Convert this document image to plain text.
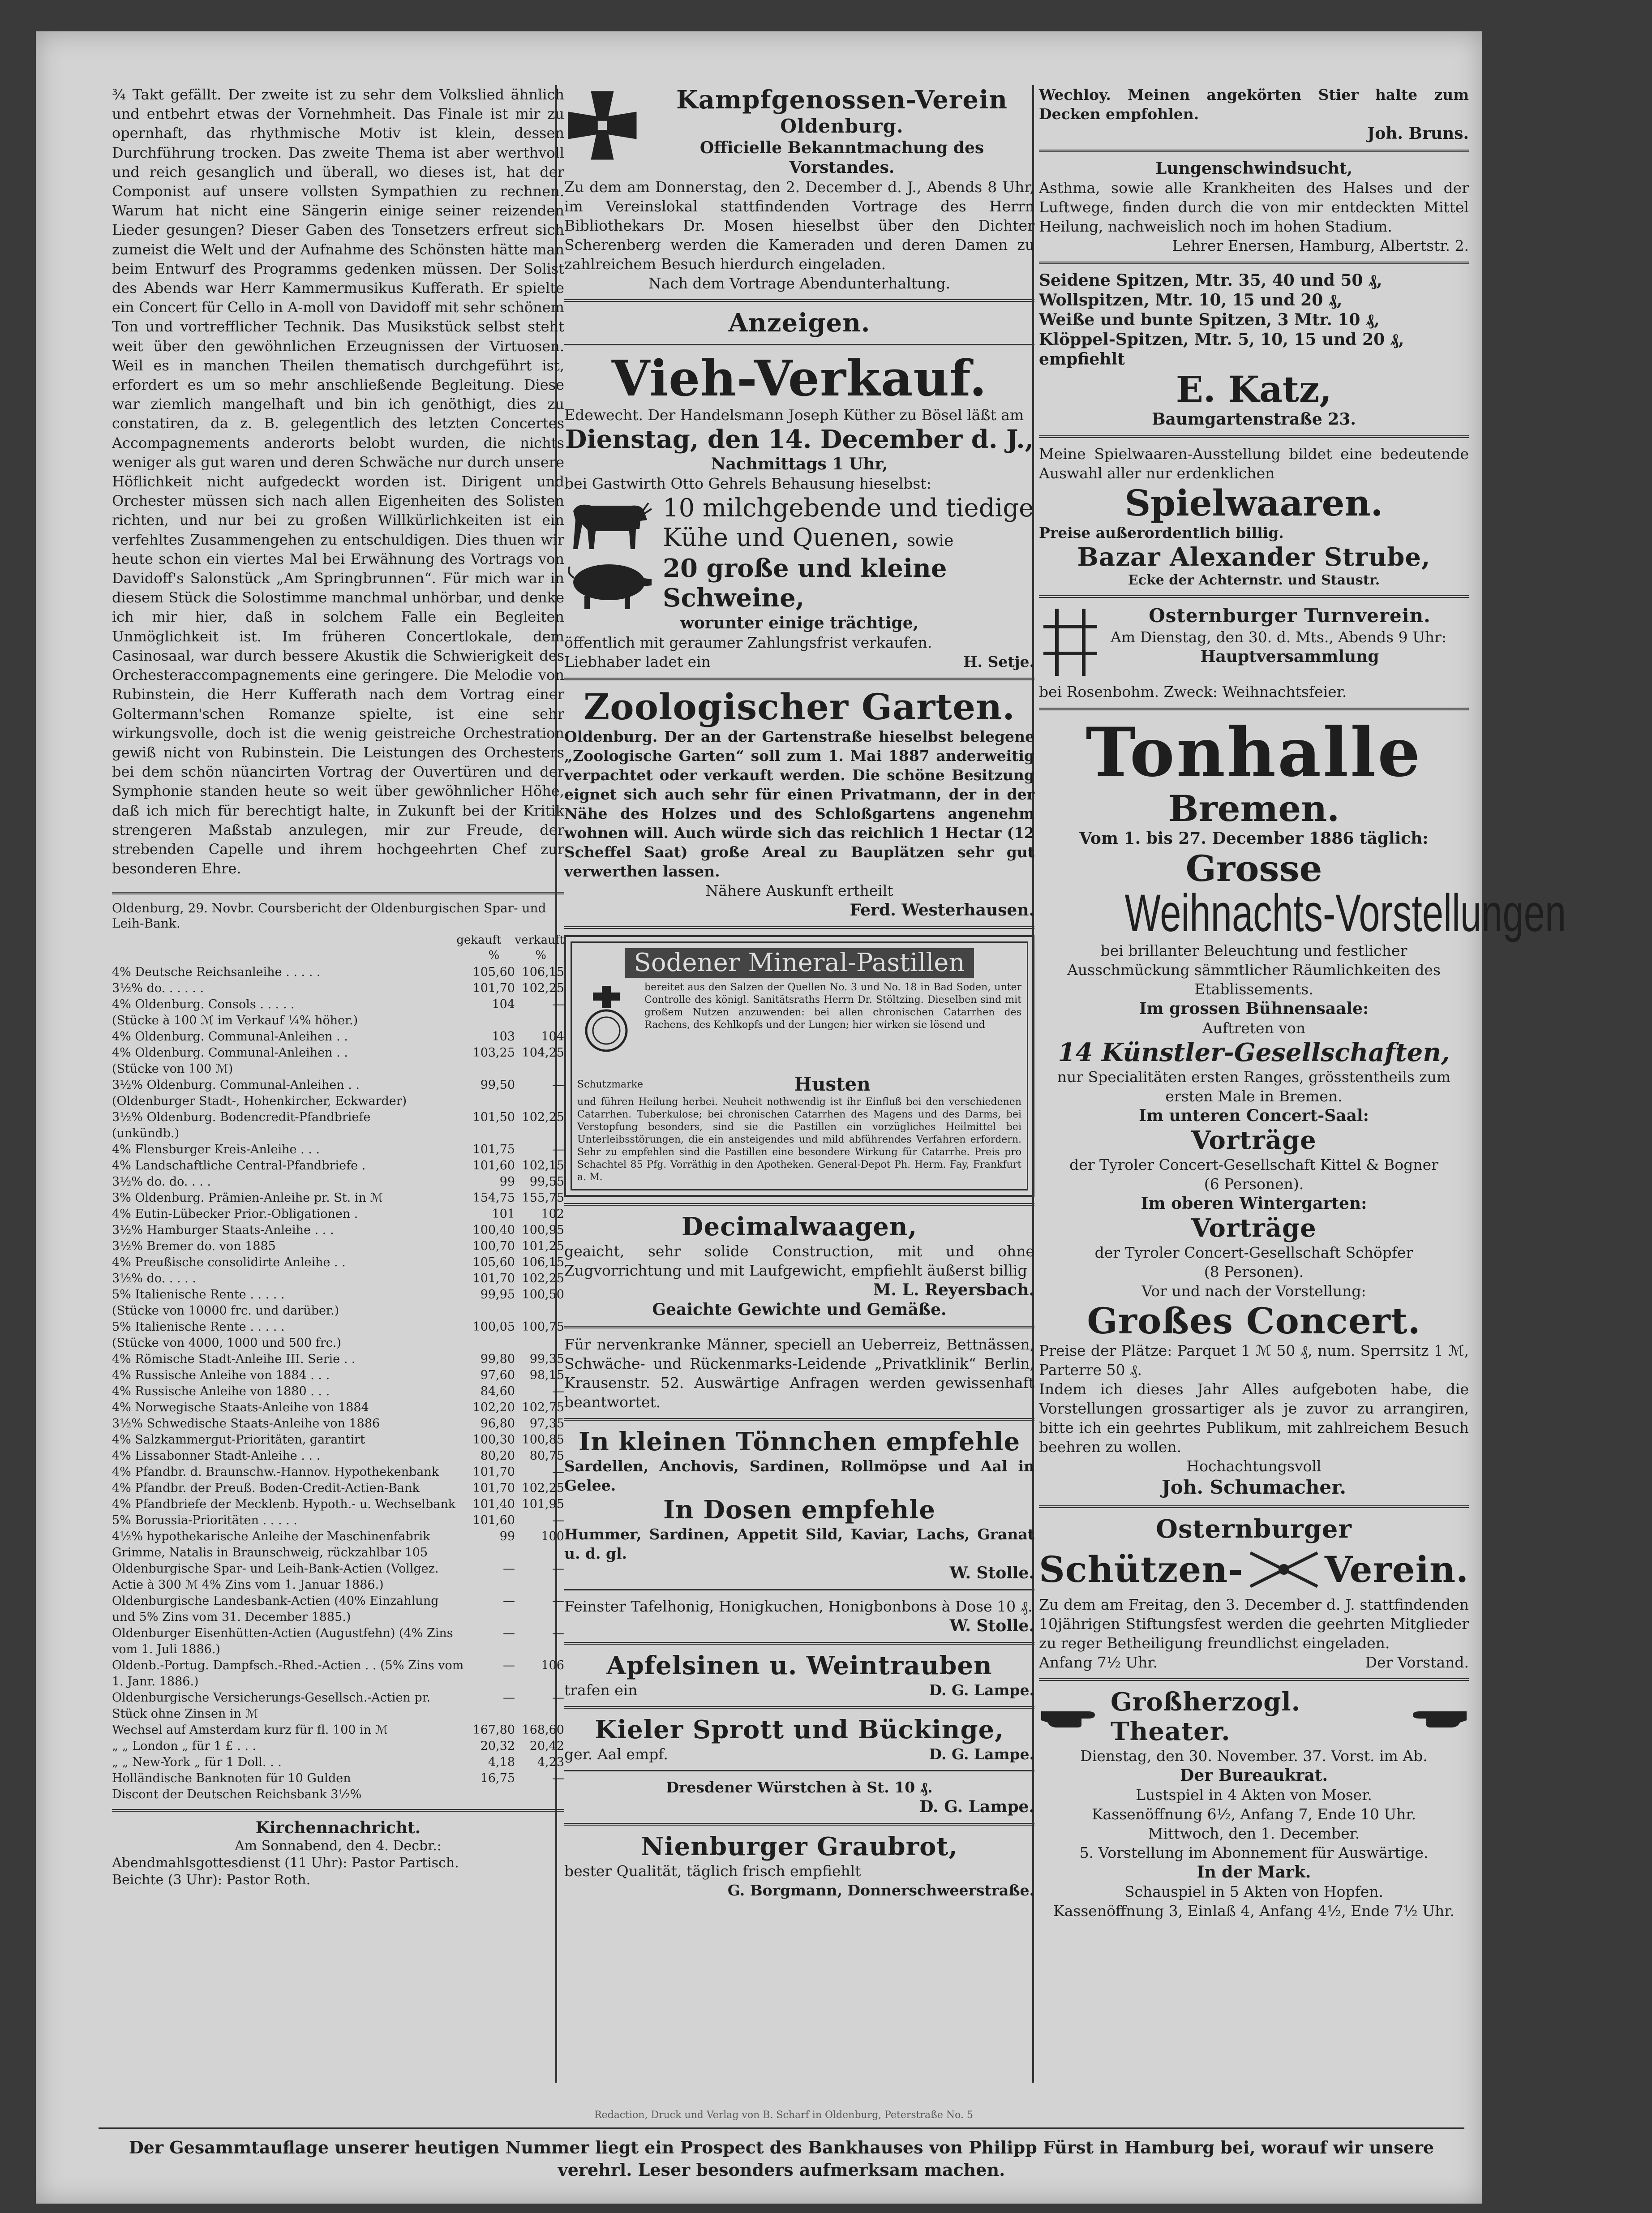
¾ Takt gefällt. Der zweite ist zu sehr dem Volkslied ähnlich und entbehrt etwas der Vornehmheit. Das Finale ist mir zu opernhaft, das rhythmische Motiv ist klein, dessen Durchführung trocken. Das zweite Thema ist aber werthvoll und reich gesanglich und überall, wo dieses ist, hat der Componist auf unsere vollsten Sympathien zu rechnen. Warum hat nicht eine Sängerin einige seiner reizenden Lieder gesungen? Dieser Gaben des Tonsetzers erfreut sich zumeist die Welt und der Aufnahme des Schönsten hätte man beim Entwurf des Programms gedenken müssen. Der Solist des Abends war Herr Kammermusikus Kufferath. Er spielte ein Concert für Cello in A-moll von Davidoff mit sehr schönem Ton und vortrefflicher Technik. Das Musikstück selbst steht weit über den gewöhnlichen Erzeugnissen der Virtuosen. Weil es in manchen Theilen thematisch durchgeführt ist, erfordert es um so mehr anschließende Begleitung. Diese war ziemlich mangelhaft und bin ich genöthigt, dies zu constatiren, da z. B. gelegentlich des letzten Concertes Accompagnements anderorts belobt wurden, die nichts weniger als gut waren und deren Schwäche nur durch unsere Höflichkeit nicht aufgedeckt worden ist. Dirigent und Orchester müssen sich nach allen Eigenheiten des Solisten richten, und nur bei zu großen Willkürlichkeiten ist ein verfehltes Zusammengehen zu entschuldigen. Dies thuen wir heute schon ein viertes Mal bei Erwähnung des Vortrags von Davidoff's Salonstück „Am Springbrunnen“. Für mich war in diesem Stück die Solostimme manchmal unhörbar, und denke ich mir hier, daß in solchem Falle ein Begleiten Unmöglichkeit ist. Im früheren Concertlokale, dem Casinosaal, war durch bessere Akustik die Schwierigkeit des Orchesteraccompagnements eine geringere. Die Melodie von Rubinstein, die Herr Kufferath nach dem Vortrag einer Goltermann'schen Romanze spielte, ist eine sehr wirkungsvolle, doch ist die wenig geistreiche Orchestration gewiß nicht von Rubinstein. Die Leistungen des Orchesters bei dem schön nüancirten Vortrag der Ouvertüren und der Symphonie standen heute so weit über gewöhnlicher Höhe, daß ich mich für berechtigt halte, in Zukunft bei der Kritik strengeren Maßstab anzulegen, mir zur Freude, der strebenden Capelle und ihrem hochgeehrten Chef zur besonderen Ehre.

Oldenburg, 29. Novbr. Coursbericht der Oldenburgischen Spar- und Leih-Bank.
gekauft verkauft
%	%
4% Deutsche Reichsanleihe . . . . .	105,60	106,15
3½% do. . . . . .	101,70	102,25
4% Oldenburg. Consols . . . . .	104	—
(Stücke à 100 ℳ im Verkauf ¼% höher.)		
4% Oldenburg. Communal-Anleihen . .	103	104
4% Oldenburg. Communal-Anleihen . .	103,25	104,25
(Stücke von 100 ℳ)		
3½% Oldenburg. Communal-Anleihen . .	99,50	—
(Oldenburger Stadt-, Hohenkircher, Eckwarder)		
3½% Oldenburg. Bodencredit-Pfandbriefe	101,50	102,25
(unkündb.)		
4% Flensburger Kreis-Anleihe . . .	101,75	—
4% Landschaftliche Central-Pfandbriefe .	101,60	102,15
3½% do. do. . . .	99	99,55
3% Oldenburg. Prämien-Anleihe pr. St. in ℳ	154,75	155,75
4% Eutin-Lübecker Prior.-Obligationen .	101	102
3½% Hamburger Staats-Anleihe . . .	100,40	100,95
3½% Bremer do. von 1885	100,70	101,25
4% Preußische consolidirte Anleihe . .	105,60	106,15
3½% do. . . . .	101,70	102,25
5% Italienische Rente . . . . .	99,95	100,50
(Stücke von 10000 frc. und darüber.)		
5% Italienische Rente . . . . .	100,05	100,75
(Stücke von 4000, 1000 und 500 frc.)		
4% Römische Stadt-Anleihe III. Serie . .	99,80	99,35
4% Russische Anleihe von 1884 . . .	97,60	98,15
4% Russische Anleihe von 1880 . . .	84,60	—
4% Norwegische Staats-Anleihe von 1884	102,20	102,75
3½% Schwedische Staats-Anleihe von 1886	96,80	97,35
4% Salzkammergut-Prioritäten, garantirt	100,30	100,85
4% Lissabonner Stadt-Anleihe . . .	80,20	80,75
4% Pfandbr. d. Braunschw.-Hannov. Hypothekenbank	101,70	—
4% Pfandbr. der Preuß. Boden-Credit-Actien-Bank	101,70	102,25
4% Pfandbriefe der Mecklenb. Hypoth.- u. Wechselbank	101,40	101,95
5% Borussia-Prioritäten . . . . .	101,60	—
4½% hypothekarische Anleihe der Maschinenfabrik Grimme, Natalis in Braunschweig, rückzahlbar 105	99	100
Oldenburgische Spar- und Leih-Bank-Actien (Vollgez. Actie à 300 ℳ 4% Zins vom 1. Januar 1886.)	—	—
Oldenburgische Landesbank-Actien (40% Einzahlung und 5% Zins vom 31. December 1885.)	—	—
Oldenburger Eisenhütten-Actien (Augustfehn) (4% Zins vom 1. Juli 1886.)	—	—
Oldenb.-Portug. Dampfsch.-Rhed.-Actien . . (5% Zins vom 1. Janr. 1886.)	—	106
Oldenburgische Versicherungs-Gesellsch.-Actien pr. Stück ohne Zinsen in ℳ	—	—
Wechsel auf Amsterdam kurz für fl. 100 in ℳ	167,80	168,60
„ „ London „ für 1 £ . . .	20,32	20,42
„ „ New-York „ für 1 Doll. . .	4,18	4,23
Holländische Banknoten für 10 Gulden	16,75	—
Discont der Deutschen Reichsbank 3½%		

Kirchennachricht.

Am Sonnabend, den 4. Decbr.:

Abendmahlsgottesdienst (11 Uhr): Pastor Partisch.

Beichte (3 Uhr): Pastor Roth.

Kampfgenossen-Verein

Oldenburg.

Officielle Bekanntmachung des Vorstandes.

Zu dem am Donnerstag, den 2. December d. J., Abends 8 Uhr, im Vereinslokal stattfindenden Vortrage des Herrn Bibliothekars Dr. Mosen hieselbst über den Dichter Scherenberg werden die Kameraden und deren Damen zu zahlreichem Besuch hierdurch eingeladen.

Nach dem Vortrage Abendunterhaltung.

Anzeigen.

Vieh-Verkauf.

Edewecht. Der Handelsmann Joseph Küther zu Bösel läßt am

Dienstag, den 14. December d. J.,

Nachmittags 1 Uhr,

bei Gastwirth Otto Gehrels Behausung hieselbst:

10 milchgebende und tiedige Kühe und Quenen, sowie

20 große und kleine Schweine,

worunter einige trächtige,

öffentlich mit geraumer Zahlungsfrist verkaufen.

Liebhaber ladet ein	H. Setje.

Zoologischer Garten.

Oldenburg. Der an der Gartenstraße hieselbst belegene „Zoologische Garten“ soll zum 1. Mai 1887 anderweitig verpachtet oder verkauft werden. Die schöne Besitzung eignet sich auch sehr für einen Privatmann, der in der Nähe des Holzes und des Schloßgartens angenehm wohnen will. Auch würde sich das reichlich 1 Hectar (12 Scheffel Saat) große Areal zu Bauplätzen sehr gut verwerthen lassen.

Nähere Auskunft ertheilt

Ferd. Westerhausen.

Sodener Mineral-Pastillen

bereitet aus den Salzen der Quellen No. 3 und No. 18 in Bad Soden, unter Controlle des königl. Sanitätsraths Herrn Dr. Stöltzing. Dieselben sind mit großem Nutzen anzuwenden: bei allen chronischen Catarrhen des Rachens, des Kehlkopfs und der Lungen; hier wirken sie lösend und

Schutzmarke	Husten

und führen Heilung herbei. Neuheit nothwendig ist ihr Einfluß bei den verschiedenen Catarrhen. Tuberkulose; bei chronischen Catarrhen des Magens und des Darms, bei Verstopfung besonders, sind sie die Pastillen ein vorzügliches Heilmittel bei Unterleibsstörungen, die ein ansteigendes und mild abführendes Verfahren erfordern. Sehr zu empfehlen sind die Pastillen eine besondere Wirkung für Catarrhe. Preis pro Schachtel 85 Pfg. Vorräthig in den Apotheken. General-Depot Ph. Herm. Fay, Frankfurt a. M.

Decimalwaagen,

geaicht, sehr solide Construction, mit und ohne Zugvorrichtung und mit Laufgewicht, empfiehlt äußerst billig

M. L. Reyersbach.

Geaichte Gewichte und Gemäße.

Für nervenkranke Männer, speciell an Ueberreiz, Bettnässen, Schwäche- und Rückenmarks-Leidende „Privatklinik“ Berlin, Krausenstr. 52. Auswärtige Anfragen werden gewissenhaft beantwortet.

In kleinen Tönnchen empfehle

Sardellen, Anchovis, Sardinen, Rollmöpse und Aal in Gelee.

In Dosen empfehle

Hummer, Sardinen, Appetit Sild, Kaviar, Lachs, Granat u. d. gl.

W. Stolle.

Feinster Tafelhonig, Honigkuchen, Honigbonbons à Dose 10 ₰.

W. Stolle.

Apfelsinen u. Weintrauben

trafen ein	D. G. Lampe.

Kieler Sprott und Bückinge,

ger. Aal empf.	D. G. Lampe.

Dresdener Würstchen à St. 10 ₰.

D. G. Lampe.

Nienburger Graubrot,

bester Qualität, täglich frisch empfiehlt

G. Borgmann, Donnerschweerstraße.

Wechloy. Meinen angekörten Stier halte zum Decken empfohlen.

Joh. Bruns.

Lungenschwindsucht,

Asthma, sowie alle Krankheiten des Halses und der Luftwege, finden durch die von mir entdeckten Mittel Heilung, nachweislich noch im hohen Stadium.

Lehrer Enersen, Hamburg, Albertstr. 2.

Seidene Spitzen, Mtr. 35, 40 und 50 ₰,

Wollspitzen, Mtr. 10, 15 und 20 ₰,

Weiße und bunte Spitzen, 3 Mtr. 10 ₰,

Klöppel-Spitzen, Mtr. 5, 10, 15 und 20 ₰,

empfiehlt

E. Katz,

Baumgartenstraße 23.

Meine Spielwaaren-Ausstellung bildet eine bedeutende Auswahl aller nur erdenklichen

Spielwaaren.

Preise außerordentlich billig.

Bazar Alexander Strube,

Ecke der Achternstr. und Staustr.

Osternburger Turnverein.

Am Dienstag, den 30. d. Mts., Abends 9 Uhr:

Hauptversammlung

bei Rosenbohm. Zweck: Weihnachtsfeier.

Tonhalle

Bremen.

Vom 1. bis 27. December 1886 täglich:

Grosse

Weihnachts-Vorstellungen

bei brillanter Beleuchtung und festlicher Ausschmückung sämmtlicher Räumlichkeiten des Etablissements.

Im grossen Bühnensaale:

Auftreten von

14 Künstler-Gesellschaften,

nur Specialitäten ersten Ranges, grösstentheils zum ersten Male in Bremen.

Im unteren Concert-Saal:

Vorträge

der Tyroler Concert-Gesellschaft Kittel & Bogner

(6 Personen).

Im oberen Wintergarten:

Vorträge

der Tyroler Concert-Gesellschaft Schöpfer

(8 Personen).

Vor und nach der Vorstellung:

Großes Concert.

Preise der Plätze: Parquet 1 ℳ 50 ₰, num. Sperrsitz 1 ℳ, Parterre 50 ₰.

Indem ich dieses Jahr Alles aufgeboten habe, die Vorstellungen grossartiger als je zuvor zu arrangiren, bitte ich ein geehrtes Publikum, mit zahlreichem Besuch beehren zu wollen.

Hochachtungsvoll

Joh. Schumacher.

Osternburger

Schützen- Verein.

Zu dem am Freitag, den 3. December d. J. stattfindenden 10jährigen Stiftungsfest werden die geehrten Mitglieder zu reger Betheiligung freundlichst eingeladen.

Anfang 7½ Uhr.	Der Vorstand.
Großherzogl. Theater.

Dienstag, den 30. November. 37. Vorst. im Ab.

Der Bureaukrat.

Lustspiel in 4 Akten von Moser.

Kassenöffnung 6½, Anfang 7, Ende 10 Uhr.

Mittwoch, den 1. December.

5. Vorstellung im Abonnement für Auswärtige.

In der Mark.

Schauspiel in 5 Akten von Hopfen.

Kassenöffnung 3, Einlaß 4, Anfang 4½, Ende 7½ Uhr.

Redaction, Druck und Verlag von B. Scharf in Oldenburg, Peterstraße No. 5
Der Gesammtauflage unserer heutigen Nummer liegt ein Prospect des Bankhauses von Philipp Fürst in Hamburg bei, worauf wir unsere verehrl. Leser besonders aufmerksam machen.
